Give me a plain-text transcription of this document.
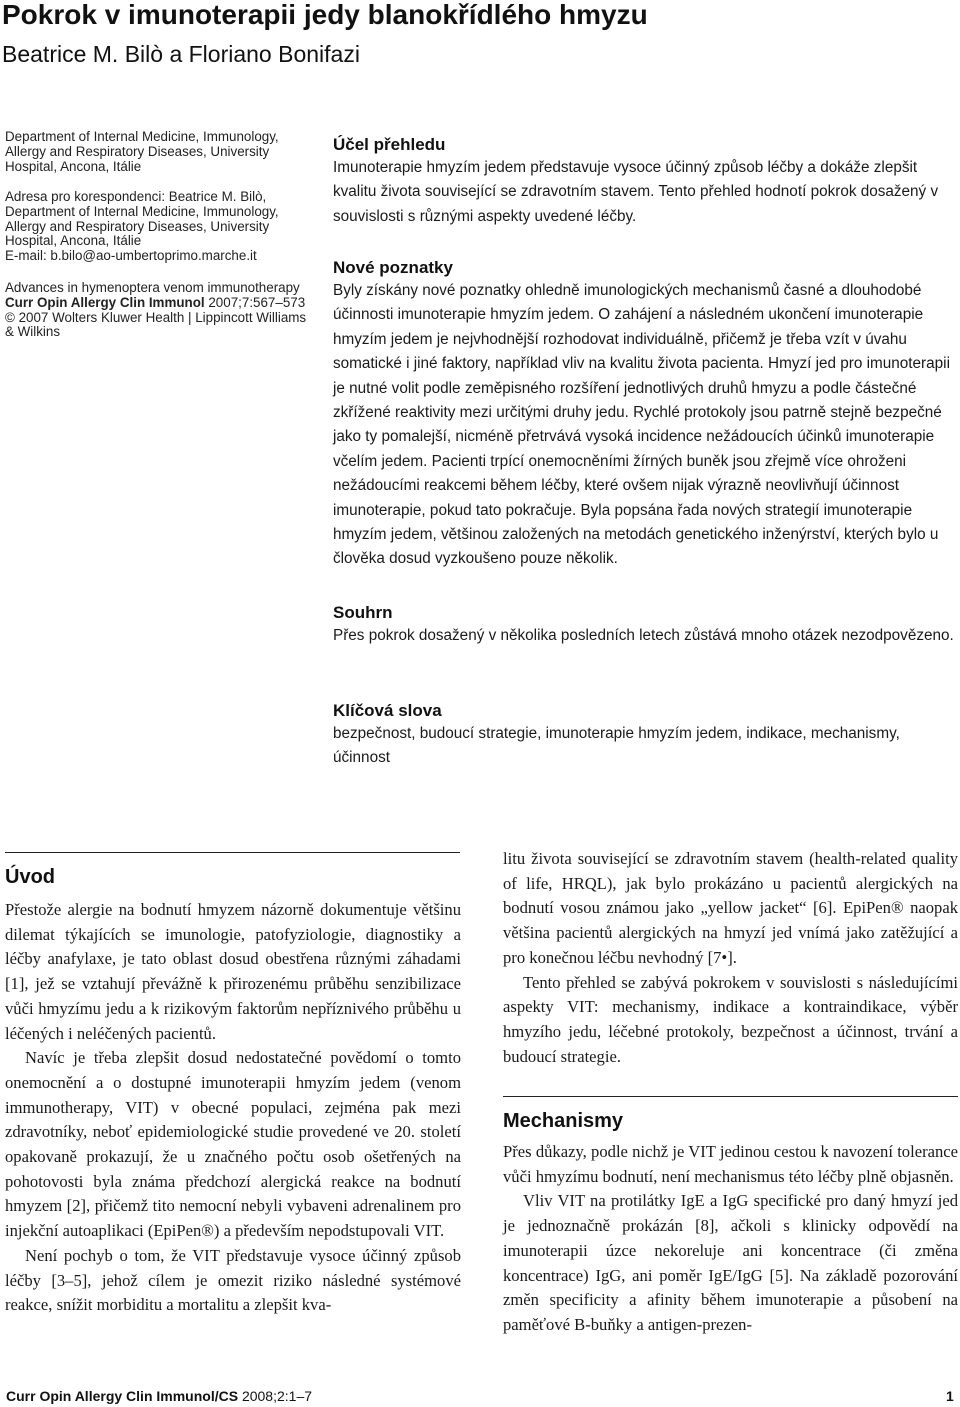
Pokrok v imunoterapii jedy blanokřídlého hmyzu

Beatrice M. Bilò a Floriano Bonifazi

Department of Internal Medicine, Immunology, Allergy and Respiratory Diseases, University Hospital, Ancona, Itálie

Adresa pro korespondenci: Beatrice M. Bilò, Department of Internal Medicine, Immunology, Allergy and Respiratory Diseases, University Hospital, Ancona, Itálie

E-mail: b.bilo@ao-umbertoprimo.marche.it

Advances in hymenoptera venom immunotherapy

Curr Opin Allergy Clin Immunol 2007;7:567–573

© 2007 Wolters Kluwer Health | Lippincott Williams & Wilkins

Účel přehledu

Imunoterapie hmyzím jedem představuje vysoce účinný způsob léčby a dokáže zlepšit kvalitu života související se zdravotním stavem. Tento přehled hodnotí pokrok dosažený v souvislosti s různými aspekty uvedené léčby.

Nové poznatky

Byly získány nové poznatky ohledně imunologických mechanismů časné a dlouhodobé účinnosti imunoterapie hmyzím jedem. O zahájení a následném ukončení imunoterapie hmyzím jedem je nejvhodnější rozhodovat individuálně, přičemž je třeba vzít v úvahu somatické i jiné faktory, například vliv na kvalitu života pacienta. Hmyzí jed pro imunoterapii je nutné volit podle zeměpisného rozšíření jednotlivých druhů hmyzu a podle částečné zkřížené reaktivity mezi určitými druhy jedu. Rychlé protokoly jsou patrně stejně bezpečné jako ty pomalejší, nicméně přetrvává vysoká incidence nežádoucích účinků imunoterapie včelím jedem. Pacienti trpící onemocněními žírných buněk jsou zřejmě více ohroženi nežádoucími reakcemi během léčby, které ovšem nijak výrazně neovlivňují účinnost imunoterapie, pokud tato pokračuje. Byla popsána řada nových strategií imunoterapie hmyzím jedem, většinou založených na metodách genetického inženýrství, kterých bylo u člověka dosud vyzkoušeno pouze několik.

Souhrn

Přes pokrok dosažený v několika posledních letech zůstává mnoho otázek nezodpovězeno.

Klíčová slova

bezpečnost, budoucí strategie, imunoterapie hmyzím jedem, indikace, mechanismy, účinnost

Úvod

Přestože alergie na bodnutí hmyzem názorně dokumentuje většinu dilemat týkajících se imunologie, patofyziologie, diagnostiky a léčby anafylaxe, je tato oblast dosud obestřena různými záhadami [1], jež se vztahují převážně k přirozenému průběhu senzibilizace vůči hmyzímu jedu a k rizikovým faktorům nepříznivého průběhu u léčených i neléčených pacientů.

Navíc je třeba zlepšit dosud nedostatečné povědomí o tomto onemocnění a o dostupné imunoterapii hmyzím jedem (venom immunotherapy, VIT) v obecné populaci, zejména pak mezi zdravotníky, neboť epidemiologické studie provedené ve 20. století opakovaně prokazují, že u značného počtu osob ošetřených na pohotovosti byla známa předchozí alergická reakce na bodnutí hmyzem [2], přičemž tito nemocní nebyli vybaveni adrenalinem pro injekční autoaplikaci (EpiPen®) a především nepodstupovali VIT.

Není pochyb o tom, že VIT představuje vysoce účinný způsob léčby [3–5], jehož cílem je omezit riziko následné systémové reakce, snížit morbiditu a mortalitu a zlepšit kva-

litu života související se zdravotním stavem (health-related quality of life, HRQL), jak bylo prokázáno u pacientů alergických na bodnutí vosou známou jako „yellow jacket“ [6]. EpiPen® naopak většina pacientů alergických na hmyzí jed vnímá jako zatěžující a pro konečnou léčbu nevhodný [7•].

Tento přehled se zabývá pokrokem v souvislosti s následujícími aspekty VIT: mechanismy, indikace a kontraindikace, výběr hmyzího jedu, léčebné protokoly, bezpečnost a účinnost, trvání a budoucí strategie.

Mechanismy

Přes důkazy, podle nichž je VIT jedinou cestou k navození tolerance vůči hmyzímu bodnutí, není mechanismus této léčby plně objasněn.

Vliv VIT na protilátky IgE a IgG specifické pro daný hmyzí jed je jednoznačně prokázán [8], ačkoli s klinicky odpovědí na imunoterapii úzce nekoreluje ani koncentrace (či změna koncentrace) IgG, ani poměr IgE/IgG [5]. Na základě pozorování změn specificity a afinity během imunoterapie a působení na paměťové B-buňky a antigen-prezen-

Curr Opin Allergy Clin Immunol/CS 2008;2:1–7	1
